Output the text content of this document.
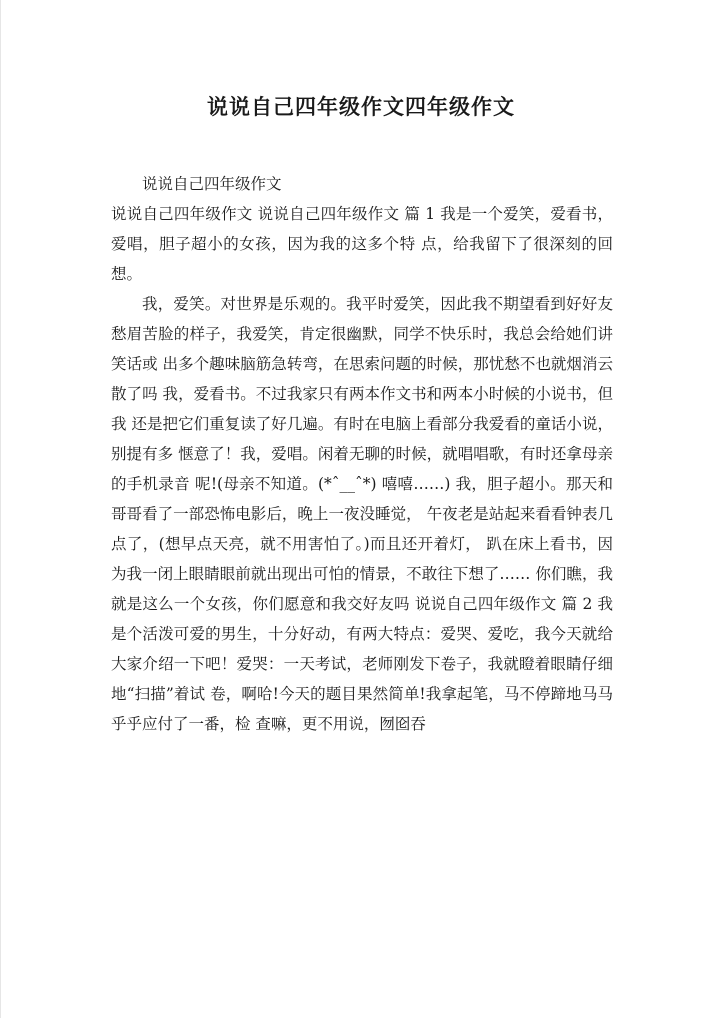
说说自己四年级作文四年级作文

说说自己四年级作文

说说自己四年级作文 说说自己四年级作文 篇 1 我是一个爱笑，爱看书，爱唱，胆子超小的女孩，因为我的这多个特 点，给我留下了很深刻的回想。

我，爱笑。对世界是乐观的。我平时爱笑，因此我不期望看到好好友 愁眉苦脸的样子，我爱笑，肯定很幽默，同学不快乐时，我总会给她们讲笑话或 出多个趣味脑筋急转弯，在思索问题的时候，那忧愁不也就烟消云散了吗 我，爱看书。不过我家只有两本作文书和两本小时候的小说书，但我 还是把它们重复读了好几遍。有时在电脑上看部分我爱看的童话小说，别提有多 惬意了！我，爱唱。闲着无聊的时候，就唱唱歌，有时还拿母亲的手机录音 呢!(母亲不知道。(*ˆ__ˆ*) 嘻嘻……) 我，胆子超小。那天和哥哥看了一部恐怖电影后，晚上一夜没睡觉， 午夜老是站起来看看钟表几点了，(想早点天亮，就不用害怕了。)而且还开着灯， 趴在床上看书，因为我一闭上眼睛眼前就出现出可怕的情景，不敢往下想了…… 你们瞧，我就是这么一个女孩，你们愿意和我交好友吗 说说自己四年级作文 篇 2 我是个活泼可爱的男生，十分好动，有两大特点：爱哭、爱吃，我今天就给大家介绍一下吧！爱哭：一天考试，老师刚发下卷子，我就瞪着眼睛仔细地“扫描”着试 卷，啊哈!今天的题目果然简单!我拿起笔，马不停蹄地马马乎乎应付了一番，检 查嘛，更不用说，囫囵吞
